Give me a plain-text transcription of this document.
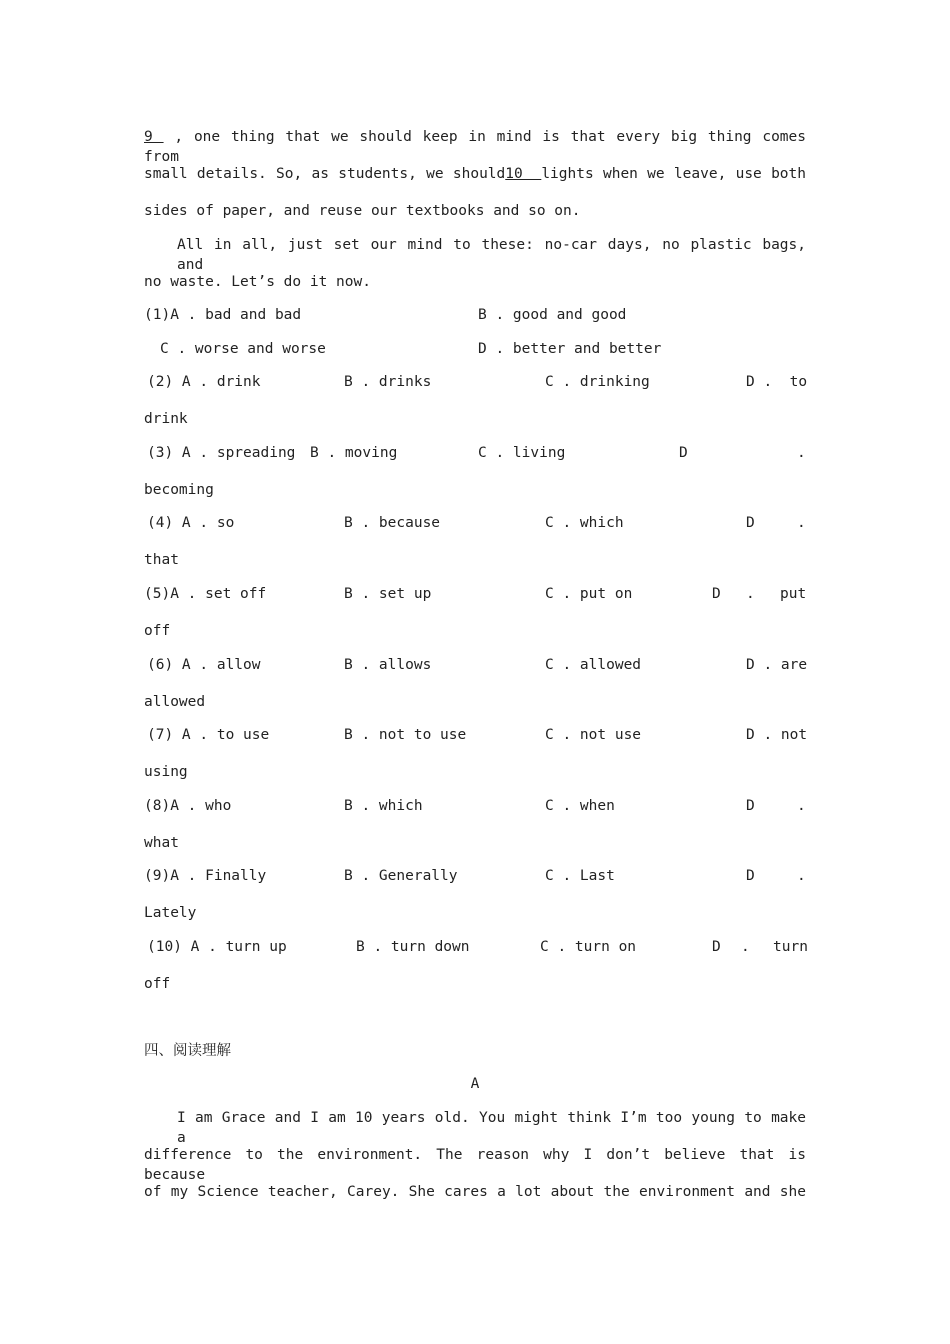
9  , one thing that we should keep in mind is that every big thing comes from
small details. So, as students, we should10  lights when we leave, use both
sides of paper, and reuse our textbooks and so on.
All in all, just set our mind to these: no-car days, no plastic bags, and
no waste. Let’s do it now.
(1)A . bad and bad	B . good and good
C . worse and worse	D . better and better
(2) A . drink	B . drinks	C . drinking	D .  to
drink
(3) A . spreading B . moving	C . living	D	.
becoming
(4) A . so	B . because	C . which	D	.
that
(5)A . set off	B . set up	C . put on	D . put
off
(6) A . allow	B . allows	C . allowed	D . are
allowed
(7) A . to use	B . not to use	C . not use	D . not
using
(8)A . who	B . which	C . when	D	.
what
(9)A . Finally	B . Generally	C . Last	D	.
Lately
(10) A . turn up	B . turn down	C . turn on	D . turn
off
四、阅读理解
A
I am Grace and I am 10 years old. You might think I’m too young to make a
difference to the environment. The reason why I don’t believe that is because
of my Science teacher, Carey. She cares a lot about the environment and she
